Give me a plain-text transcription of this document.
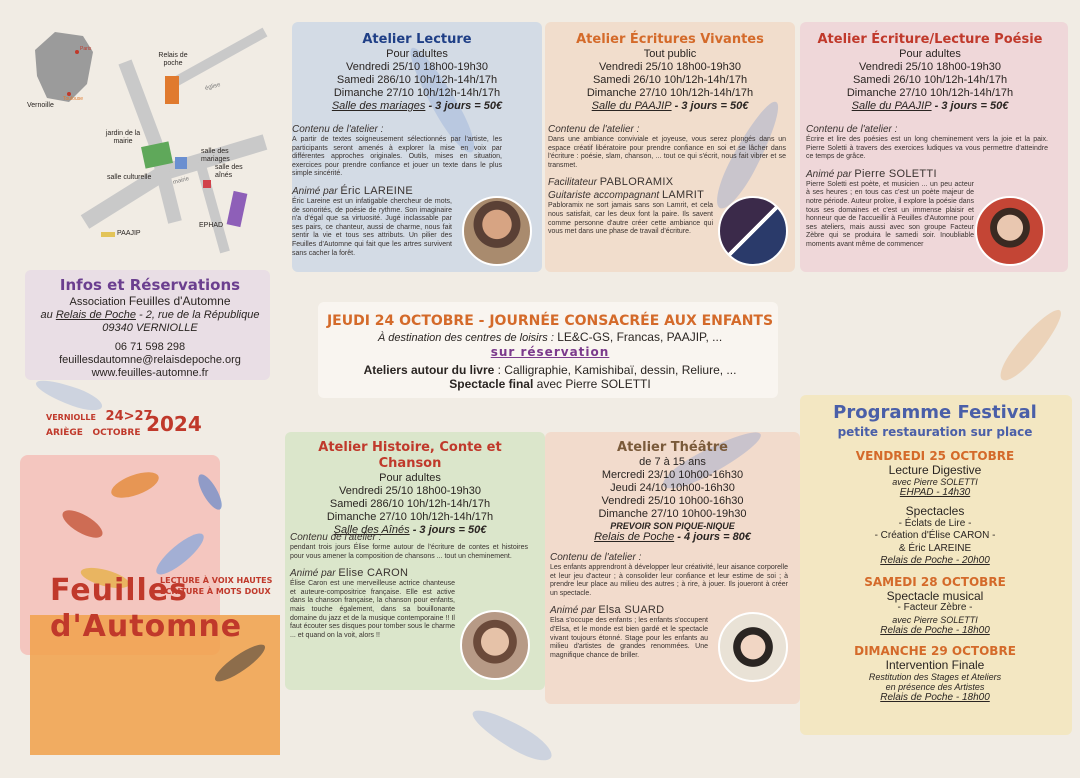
Paris
Toulouse
Vernoille
Relais de poche
église
jardin de la mairie
salle des mariages
salle des aînés
salle culturelle	mairie
EPHAD
PAAJIP
Infos et Réservations
Association Feuilles d'Automne
au Relais de Poche - 2, rue de la République
09340 VERNIOLLE
06 71 598 298
feuillesdautomne@relaisdepoche.org
www.feuilles-automne.fr
VERNIOLLE 24>27
ARIÈGE OCTOBRE 2024
Feuilles
LECTURE À VOIX HAUTES
ÉCRITURE À MOTS DOUX
d'Automne
Atelier Lecture
Pour adultes
Vendredi 25/10 18h00-19h30
Samedi 286/10 10h/12h-14h/17h
Dimanche 27/10 10h/12h-14h/17h
Salle des mariages - 3 jours = 50€
Contenu de l'atelier :
A partir de textes soigneusement sélectionnés par l'artiste, les participants seront amenés à explorer la mise en voix par différentes approches originales. Outils, mises en situation, exercices pour prendre confiance et jouer un texte dans le plus simple sincérité.
Animé par Éric LAREINE
Éric Lareine est un infatigable chercheur de mots, de sonorités, de poésie de rythme. Son imaginaire n'a d'égal que sa virtuosité. Jugé inclassable par ses pairs, ce chanteur, aussi de charme, nous fait sentir la vie et tous ses attributs. Un pilier des Feuilles d'Automne qui fait que les artres survivent sans cacher la forêt.
Atelier Écritures Vivantes
Tout public
Vendredi 25/10 18h00-19h30
Samedi 26/10 10h/12h-14h/17h
Dimanche 27/10 10h/12h-14h/17h
Salle du PAAJIP - 3 jours = 50€
Contenu de l'atelier :
Dans une ambiance conviviale et joyeuse, vous serez plongés dans un espace créatif libératoire pour prendre confiance en soi et se lâcher dans l'écriture : poésie, slam, chanson, ... tout ce qui s'écrit, nous fait vibrer et se transmet.
Facilitateur PABLORAMIX
Guitariste accompagnant LAMRIT
Pabloramix ne sort jamais sans son Lamrit, et cela nous satisfait, car les deux font la paire. Ils savent comme personne d'autre créer cette ambiance qui vous met dans une phase de travail d'écriture.
Atelier Écriture/Lecture Poésie
Pour adultes
Vendredi 25/10 18h00-19h30
Samedi 26/10 10h/12h-14h/17h
Dimanche 27/10 10h/12h-14h/17h
Salle du PAAJIP - 3 jours = 50€
Contenu de l'atelier :
Écrire et lire des poésies est un long cheminement vers la joie et la paix. Pierre Soletti à travers des exercices ludiques va vous permettre d'atteindre ce temps de grâce.
Animé par Pierre SOLETTI
Pierre Soletti est poète, et musicien ... un peu acteur à ses heures ; en tous cas c'est un poète majeur de notre période. Auteur prolixe, il explore la poésie dans tous ses domaines et c'est un immense plaisir et honneur que de l'accueillir à Feuilles d'Automne pour ses ateliers, mais aussi avec son groupe Facteur Zèbre qui se produira le samedi soir. Inoubliable moments avant même de commencer
JEUDI 24 OCTOBRE - JOURNÉE CONSACRÉE AUX ENFANTS
À destination des centres de loisirs : LE&C-GS, Francas, PAAJIP, ...
sur réservation
Ateliers autour du livre : Calligraphie, Kamishibaï, dessin, Reliure, ...
Spectacle final avec Pierre SOLETTI
Atelier Histoire, Conte et Chanson
Pour adultes
Vendredi 25/10 18h00-19h30
Samedi 286/10 10h/12h-14h/17h
Dimanche 27/10 10h/12h-14h/17h
Salle des Aînés - 3 jours = 50€
Contenu de l'atelier :
pendant trois jours Élise forme autour de l'écriture de contes et histoires pour vous amener la composition de chansons ... tout un cheminement.
Animé par Elise CARON
Élise Caron est une merveilleuse actrice chanteuse et auteure-compositrice française. Elle est active dans la chanson française, la chanson pour enfants, mais touche également, dans sa bouillonante domaine du jazz et de la musique contemporaine !! Il faut écouter ses disques pour tomber sous le charme ... et quand on la voit, alors !!
Atelier Théâtre
de 7 à 15 ans
Mercredi 23/10 10h00-16h30
Jeudi 24/10 10h00-16h30
Vendredi 25/10 10h00-16h30
Dimanche 27/10 10h00-19h30
PREVOIR SON PIQUE-NIQUE
Relais de Poche - 4 jours = 80€
Contenu de l'atelier :
Les enfants apprendront à développer leur créativité, leur aisance corporelle et leur jeu d'acteur ; à consolider leur confiance et leur estime de soi ; à prendre leur place au milieu des autres ; à rire, à jouer. Ils joueront à créer un spectacle.
Animé par Elsa SUARD
Elsa s'occupe des enfants ; les enfants s'occupent d'Elsa, et le monde est bien gardé et le spectacle vivant toujours étonné. Stage pour les enfants au milieu d'artistes de grandes renommées. Une magnifique chance de briller.
Programme Festival
petite restauration sur place
VENDREDI 25 OCTOBRE
Lecture Digestive
avec Pierre SOLETTI
EHPAD - 14h30
Spectacles
- Éclats de Lire -
- Création d'Élise CARON -
& Éric LAREINE
Relais de Poche - 20h00
SAMEDI 28 OCTOBRE
Spectacle musical
- Facteur Zèbre -
avec Pierre SOLETTI
Relais de Poche - 18h00
DIMANCHE 29 OCTOBRE
Intervention Finale
Restitution des Stages et Ateliers
en présence des Artistes
Relais de Poche - 18h00
